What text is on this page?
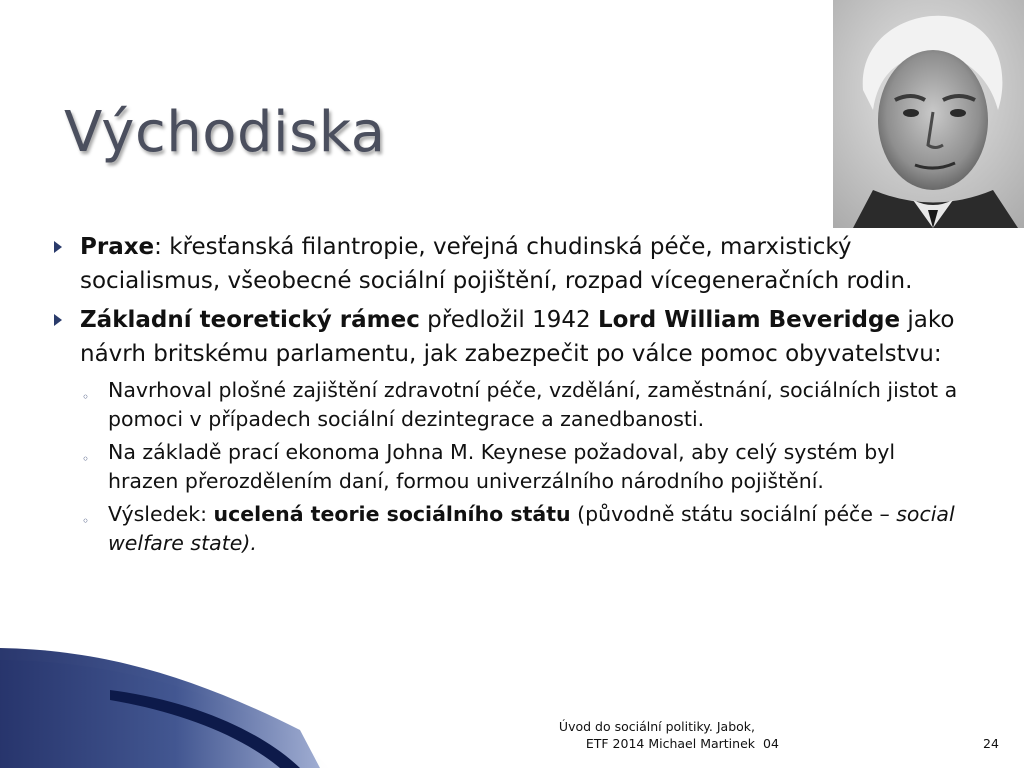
Východiska
Praxe: křesťanská filantropie, veřejná chudinská péče, marxistický socialismus, všeobecné sociální pojištění, rozpad vícegeneračních rodin.
Základní teoretický rámec předložil 1942 Lord William Beveridge jako návrh britskému parlamentu, jak zabezpečit po válce pomoc obyvatelstvu:
◦ Navrhoval plošné zajištění zdravotní péče, vzdělání, zaměstnání, sociálních jistot a pomoci v případech sociální dezintegrace a zanedbanosti.
◦ Na základě prací ekonoma Johna M. Keynese požadoval, aby celý systém byl hrazen přerozdělením daní, formou univerzálního národního pojištění.
◦ Výsledek: ucelená teorie sociálního státu (původně státu sociální péče – social welfare state).
Úvod do sociální politiky. Jabok,
ETF 2014 Michael Martinek 04	24
